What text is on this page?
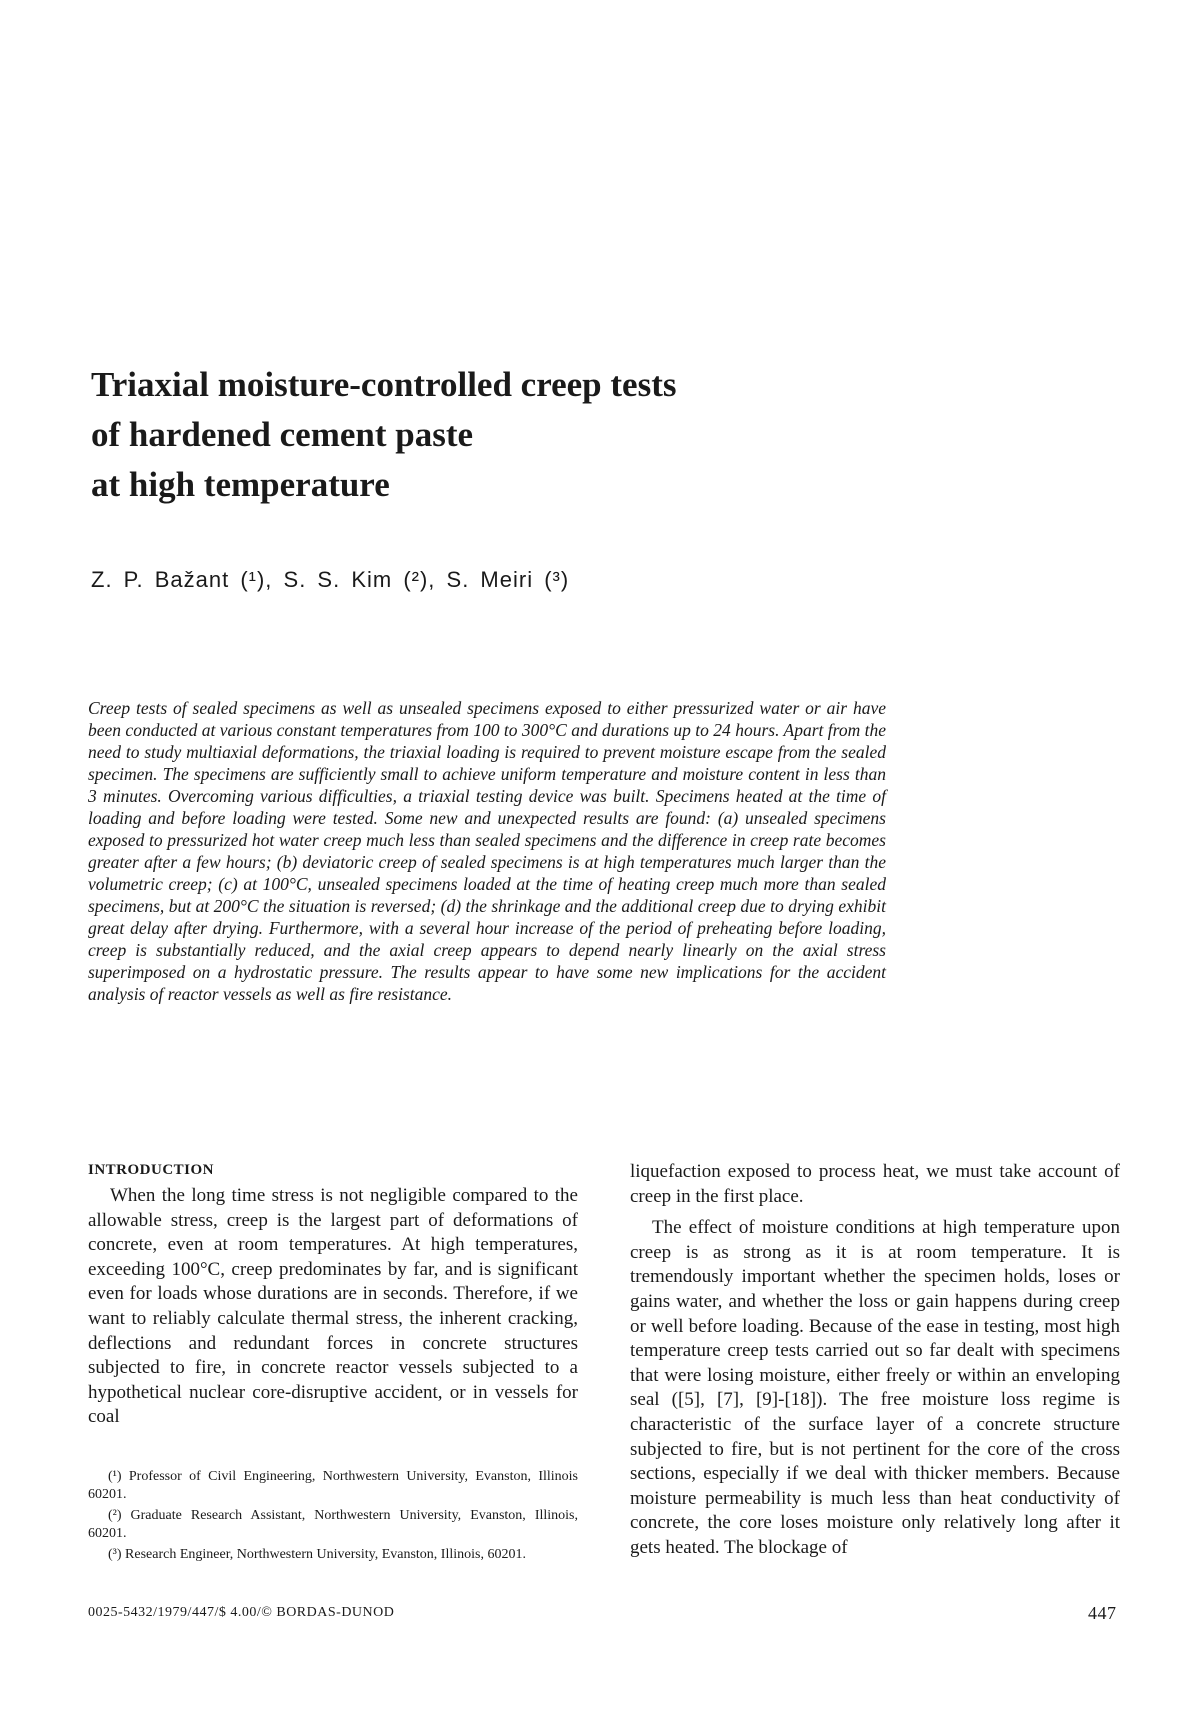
Triaxial moisture-controlled creep tests
of hardened cement paste
at high temperature
Z. P. Bažant (¹), S. S. Kim (²), S. Meiri (³)

Creep tests of sealed specimens as well as unsealed specimens exposed to either pressurized water or air have been conducted at various constant temperatures from 100 to 300°C and durations up to 24 hours. Apart from the need to study multiaxial deformations, the triaxial loading is required to prevent moisture escape from the sealed specimen. The specimens are sufficiently small to achieve uniform temperature and moisture content in less than 3 minutes. Overcoming various difficulties, a triaxial testing device was built. Specimens heated at the time of loading and before loading were tested. Some new and unexpected results are found: (a) unsealed specimens exposed to pressurized hot water creep much less than sealed specimens and the difference in creep rate becomes greater after a few hours; (b) deviatoric creep of sealed specimens is at high temperatures much larger than the volumetric creep; (c) at 100°C, unsealed specimens loaded at the time of heating creep much more than sealed specimens, but at 200°C the situation is reversed; (d) the shrinkage and the additional creep due to drying exhibit great delay after drying. Furthermore, with a several hour increase of the period of preheating before loading, creep is substantially reduced, and the axial creep appears to depend nearly linearly on the axial stress superimposed on a hydrostatic pressure. The results appear to have some new implications for the accident analysis of reactor vessels as well as fire resistance.

INTRODUCTION

When the long time stress is not negligible compared to the allowable stress, creep is the largest part of deformations of concrete, even at room temperatures. At high temperatures, exceeding 100°C, creep predominates by far, and is significant even for loads whose durations are in seconds. Therefore, if we want to reliably calculate thermal stress, the inherent cracking, deflections and redundant forces in concrete structures subjected to fire, in concrete reactor vessels subjected to a hypothetical nuclear core-disruptive accident, or in vessels for coal

liquefaction exposed to process heat, we must take account of creep in the first place.

The effect of moisture conditions at high temperature upon creep is as strong as it is at room temperature. It is tremendously important whether the specimen holds, loses or gains water, and whether the loss or gain happens during creep or well before loading. Because of the ease in testing, most high temperature creep tests carried out so far dealt with specimens that were losing moisture, either freely or within an enveloping seal ([5], [7], [9]-[18]). The free moisture loss regime is characteristic of the surface layer of a concrete structure subjected to fire, but is not pertinent for the core of the cross sections, especially if we deal with thicker members. Because moisture permeability is much less than heat conductivity of concrete, the core loses moisture only relatively long after it gets heated. The blockage of

(¹) Professor of Civil Engineering, Northwestern University, Evanston, Illinois 60201.

(²) Graduate Research Assistant, Northwestern University, Evanston, Illinois, 60201.

(³) Research Engineer, Northwestern University, Evanston, Illinois, 60201.

0025-5432/1979/447/$ 4.00/© BORDAS-DUNOD	447
